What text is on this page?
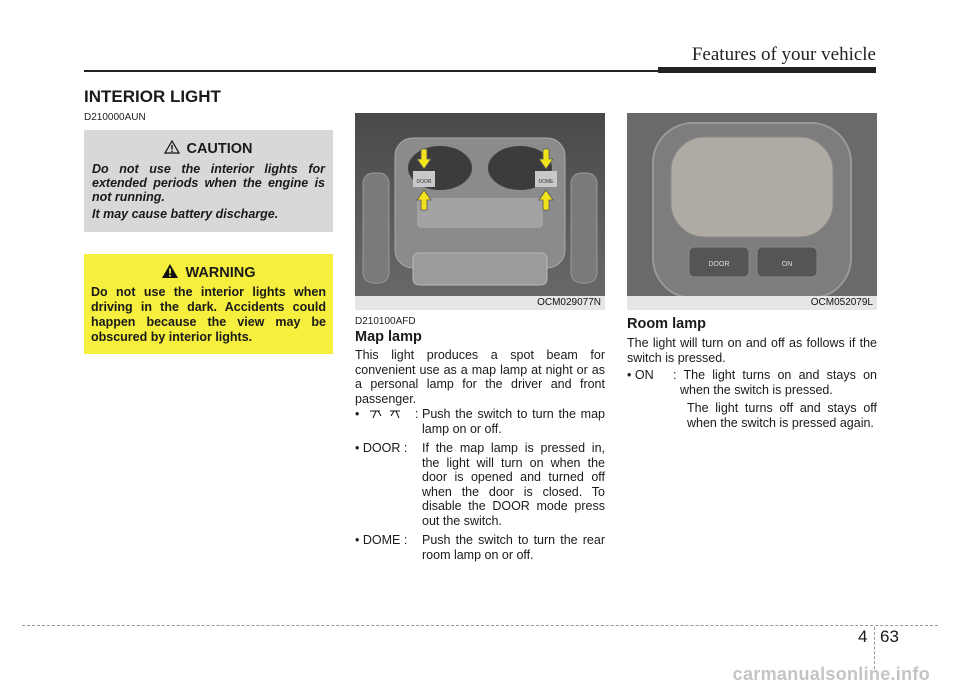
Features of your vehicle
INTERIOR LIGHT
D210000AUN
CAUTION

Do not use the interior lights for extended periods when the engine is not running.

It may cause battery discharge.

WARNING
Do not use the interior lights when driving in the dark. Accidents could happen because the view may be obscured by interior lights.
DOOR	DOME
OCM029077N
DOOR	ON
OCM052079L
D210100AFD
Map lamp
This light produces a spot beam for convenient use as a map lamp at night or as a personal lamp for the driver and front passenger.
•	: Push the switch to turn the map lamp on or off.
• DOOR : If the map lamp is pressed in, the light will turn on when the door is opened and turned off when the door is closed. To disable the DOOR mode press out the switch.
• DOME : Push the switch to turn the rear room lamp on or off.
Room lamp
The light will turn on and off as follows if the switch is pressed.
• ON : The light turns on and stays on when the switch is pressed.
The light turns off and stays off when the switch is pressed again.
4 63
carmanualsonline.info
